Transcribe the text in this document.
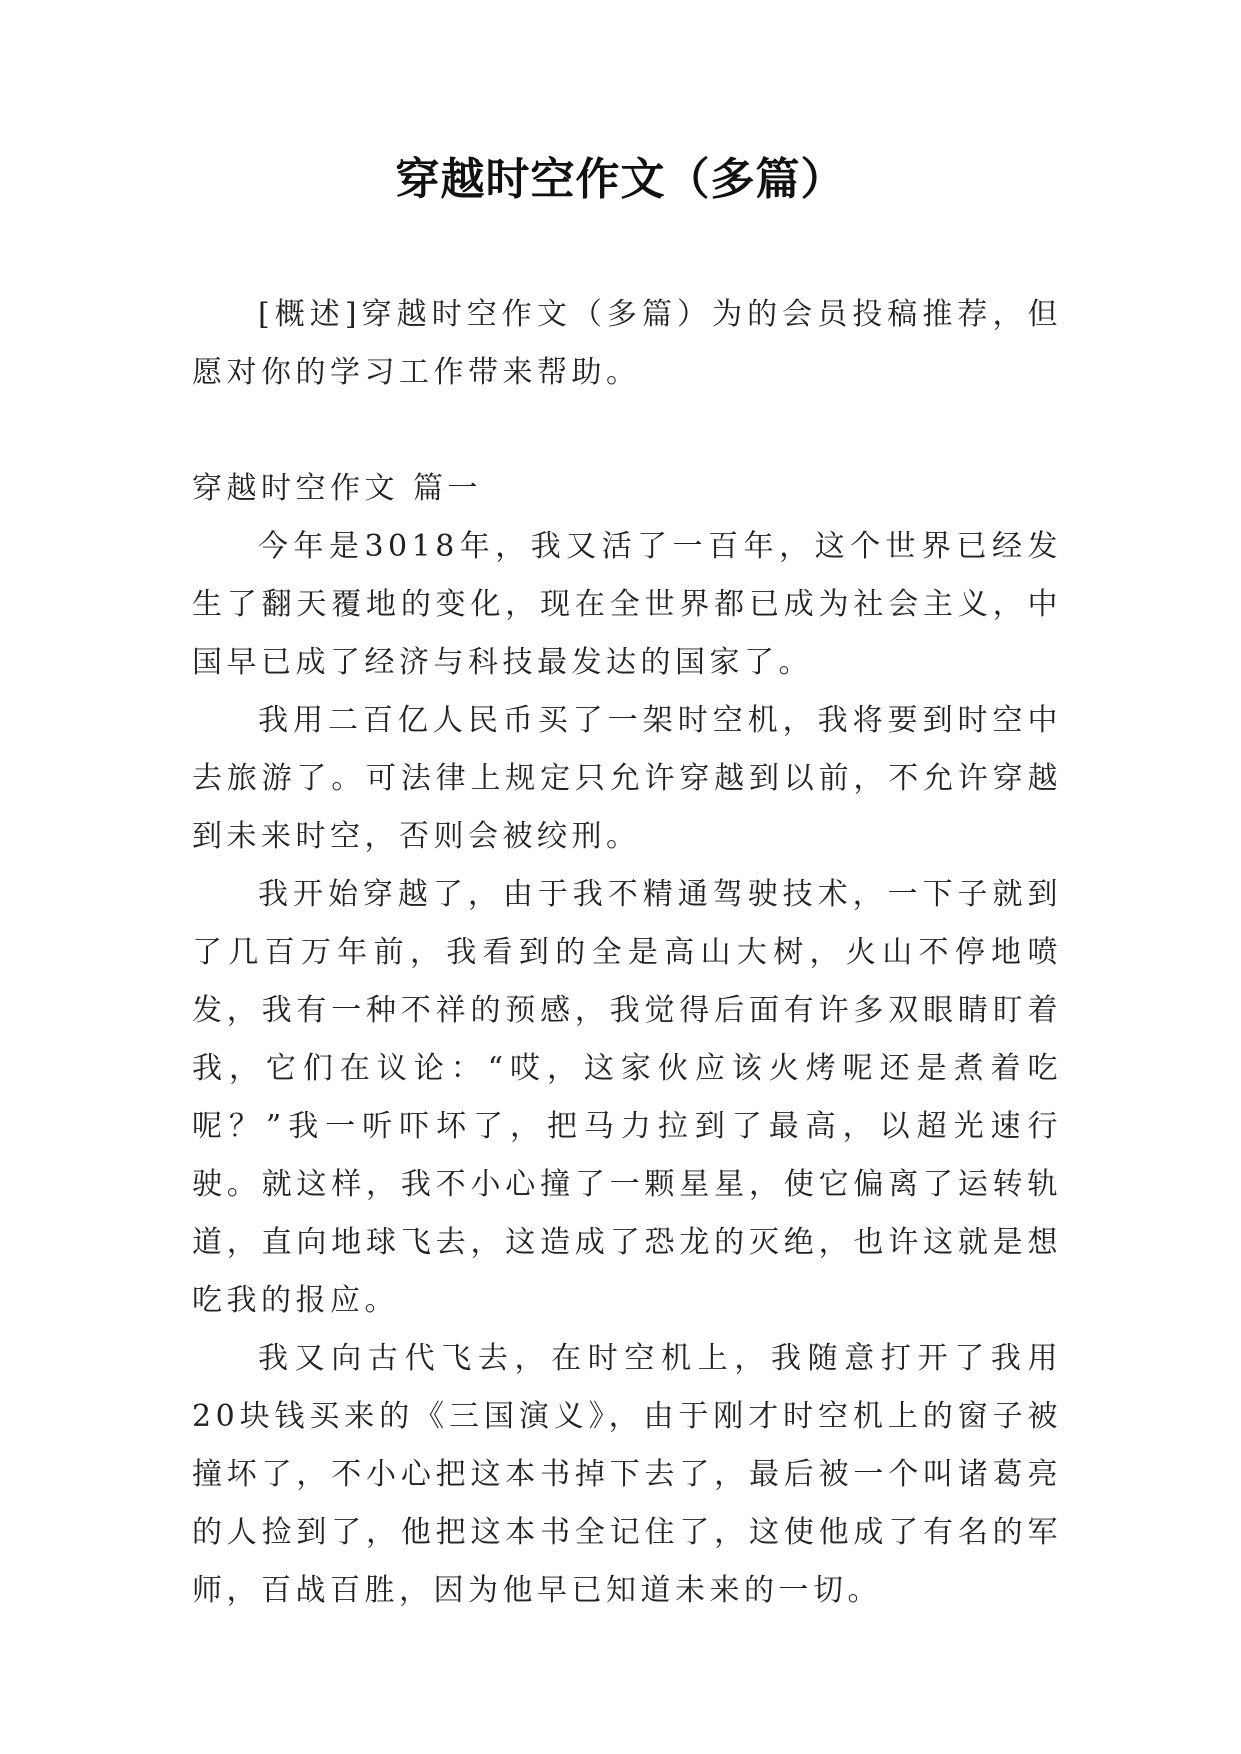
穿越时空作文（多篇）

[概述]穿越时空作文（多篇）为的会员投稿推荐，但愿对你的学习工作带来帮助。

穿越时空作文 篇一

今年是3018年，我又活了一百年，这个世界已经发生了翻天覆地的变化，现在全世界都已成为社会主义，中国早已成了经济与科技最发达的国家了。

我用二百亿人民币买了一架时空机，我将要到时空中去旅游了。可法律上规定只允许穿越到以前，不允许穿越到未来时空，否则会被绞刑。

我开始穿越了，由于我不精通驾驶技术，一下子就到了几百万年前，我看到的全是高山大树，火山不停地喷发，我有一种不祥的预感，我觉得后面有许多双眼睛盯着我，它们在议论：“哎，这家伙应该火烤呢还是煮着吃呢？”我一听吓坏了，把马力拉到了最高，以超光速行驶。就这样，我不小心撞了一颗星星，使它偏离了运转轨道，直向地球飞去，这造成了恐龙的灭绝，也许这就是想吃我的报应。

我又向古代飞去，在时空机上，我随意打开了我用20块钱买来的《三国演义》，由于刚才时空机上的窗子被撞坏了，不小心把这本书掉下去了，最后被一个叫诸葛亮的人捡到了，他把这本书全记住了，这使他成了有名的军师，百战百胜，因为他早已知道未来的一切。
